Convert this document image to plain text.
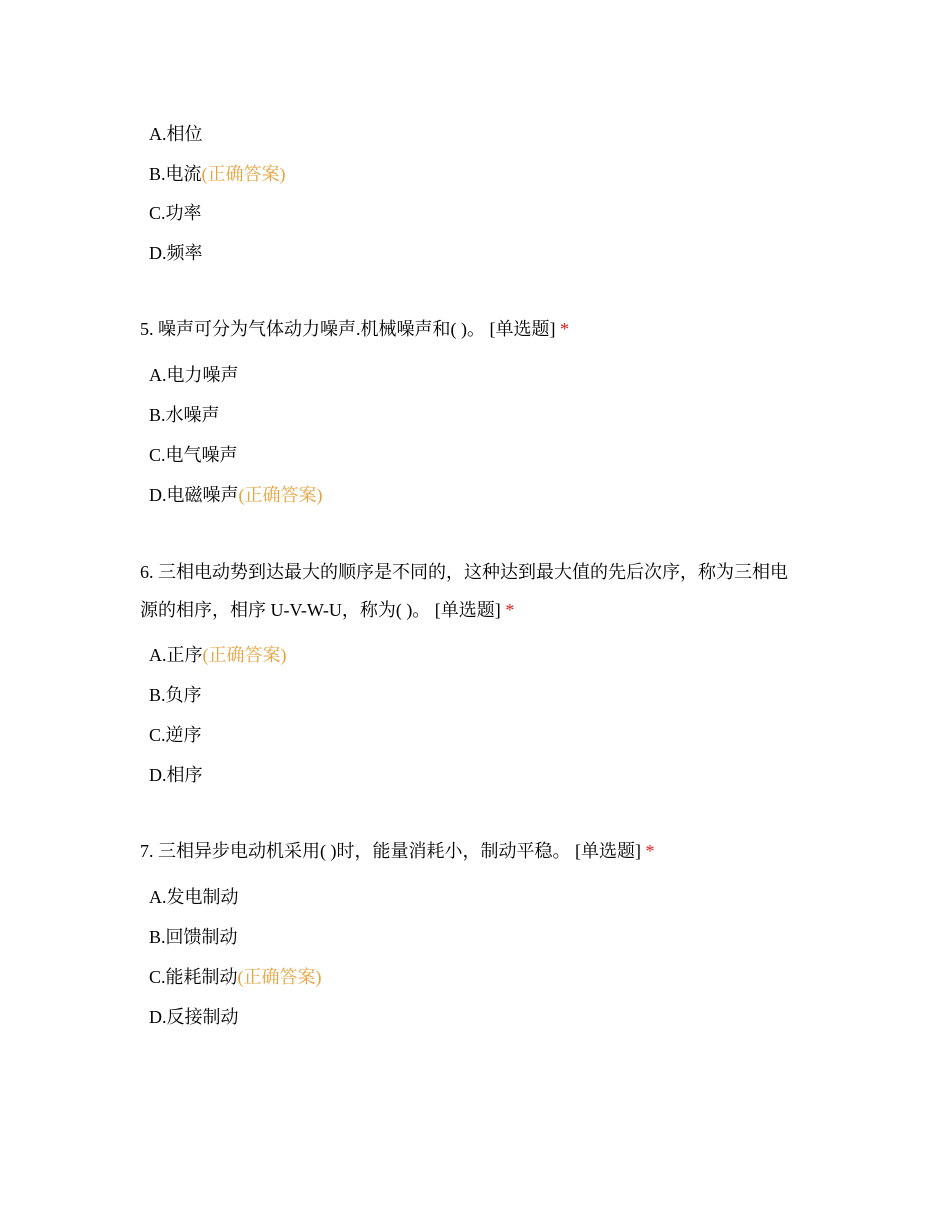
A.相位
B.电流(正确答案)
C.功率
D.频率
5. 噪声可分为气体动力噪声.机械噪声和( )。 [单选题] *
A.电力噪声
B.水噪声
C.电气噪声
D.电磁噪声(正确答案)
6. 三相电动势到达最大的顺序是不同的，这种达到最大值的先后次序，称为三相电
源的相序，相序 U-V-W-U，称为( )。 [单选题] *
A.正序(正确答案)
B.负序
C.逆序
D.相序
7. 三相异步电动机采用( )时，能量消耗小，制动平稳。 [单选题] *
A.发电制动
B.回馈制动
C.能耗制动(正确答案)
D.反接制动
